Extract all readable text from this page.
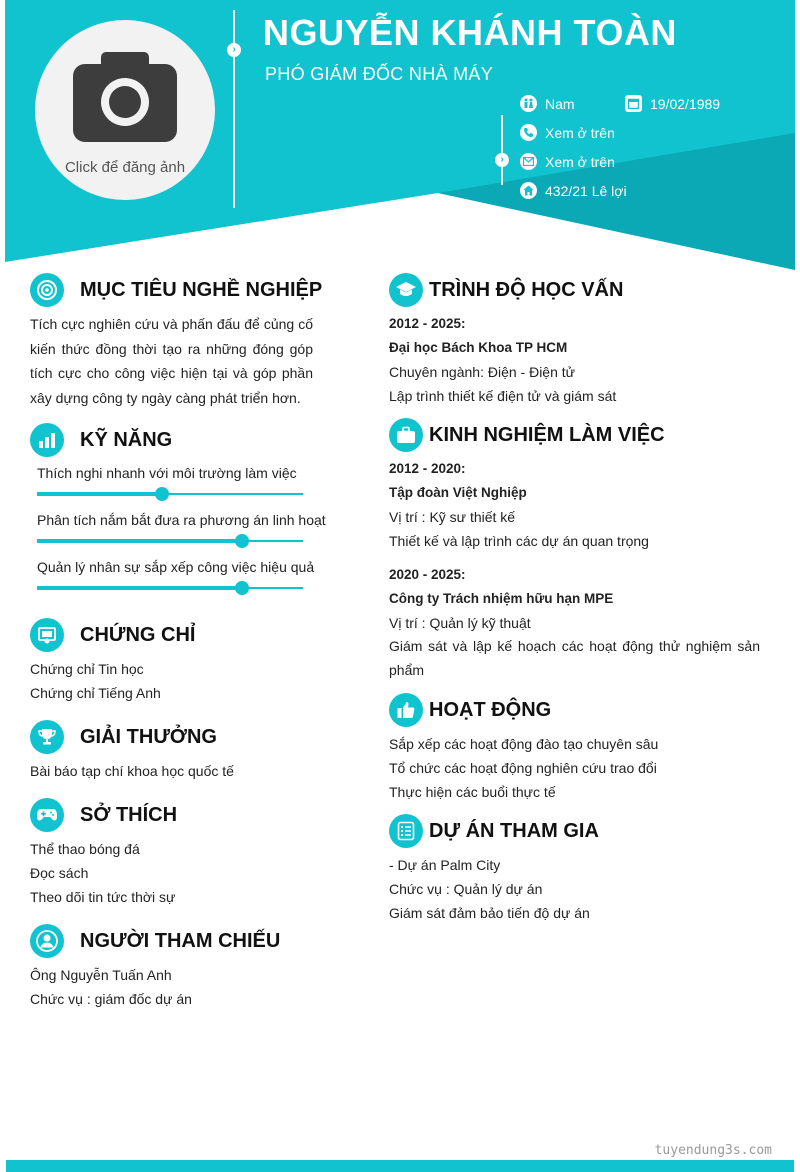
Click để đăng ảnh
› NGUYỄN KHÁNH TOÀN
PHÓ GIÁM ĐỐC NHÀ MÁY
›
Nam	19/02/1989
Xem ở trên
Xem ở trên
432/21 Lê lợi
MỤC TIÊU NGHỀ NGHIỆP
Tích cực nghiên cứu và phấn đấu để củng cố kiến thức đồng thời tạo ra những đóng góp tích cực cho công việc hiện tại và góp phần xây dựng công ty ngày càng phát triển hơn.
KỸ NĂNG
Thích nghi nhanh với môi trường làm việc
Phân tích nắm bắt đưa ra phương án linh hoạt
Quản lý nhân sự sắp xếp công việc hiệu quả
CHỨNG CHỈ
Chứng chỉ Tin học
Chứng chỉ Tiếng Anh
GIẢI THƯỞNG
Bài báo tạp chí khoa học quốc tế
SỞ THÍCH
Thể thao bóng đá
Đọc sách
Theo dõi tin tức thời sự
NGƯỜI THAM CHIẾU
Ông Nguyễn Tuấn Anh
Chức vụ : giám đốc dự án
TRÌNH ĐỘ HỌC VẤN
2012 - 2025:
Đại học Bách Khoa TP HCM
Chuyên ngành: Điện - Điện tử
Lập trình thiết kế điện tử và giám sát
KINH NGHIỆM LÀM VIỆC
2012 - 2020:
Tập đoàn Việt Nghiệp
Vị trí : Kỹ sư thiết kế
Thiết kế và lập trình các dự án quan trọng
2020 - 2025:
Công ty Trách nhiệm hữu hạn MPE
Vị trí : Quản lý kỹ thuật
Giám sát và lập kế hoạch các hoạt động thử nghiệm sản phẩm
HOẠT ĐỘNG
Sắp xếp các hoạt động đào tạo chuyên sâu
Tổ chức các hoạt động nghiên cứu trao đổi
Thực hiện các buổi thực tế
DỰ ÁN THAM GIA
- Dự án Palm City
Chức vụ : Quản lý dự án
Giám sát đảm bảo tiến độ dự án
tuyendung3s.com
